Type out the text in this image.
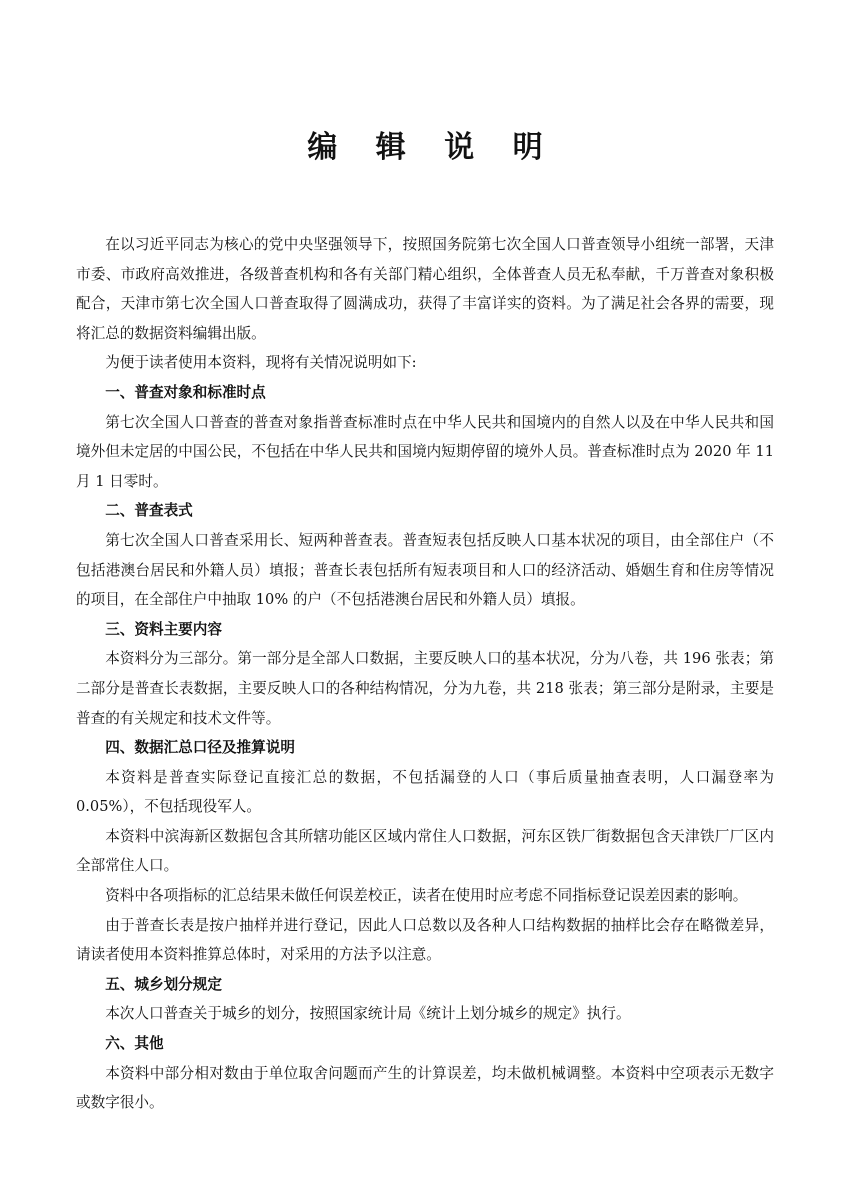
编 辑 说 明

在以习近平同志为核心的党中央坚强领导下，按照国务院第七次全国人口普查领导小组统一部署，天津市委、市政府高效推进，各级普查机构和各有关部门精心组织，全体普查人员无私奉献，千万普查对象积极配合，天津市第七次全国人口普查取得了圆满成功，获得了丰富详实的资料。为了满足社会各界的需要，现将汇总的数据资料编辑出版。

为便于读者使用本资料，现将有关情况说明如下:

一、普查对象和标准时点

第七次全国人口普查的普查对象指普查标准时点在中华人民共和国境内的自然人以及在中华人民共和国境外但未定居的中国公民，不包括在中华人民共和国境内短期停留的境外人员。普查标准时点为 2020 年 11 月 1 日零时。

二、普查表式

第七次全国人口普查采用长、短两种普查表。普查短表包括反映人口基本状况的项目，由全部住户（不包括港澳台居民和外籍人员）填报；普查长表包括所有短表项目和人口的经济活动、婚姻生育和住房等情况的项目，在全部住户中抽取 10% 的户（不包括港澳台居民和外籍人员）填报。

三、资料主要内容

本资料分为三部分。第一部分是全部人口数据，主要反映人口的基本状况，分为八卷，共 196 张表；第二部分是普查长表数据，主要反映人口的各种结构情况，分为九卷，共 218 张表；第三部分是附录，主要是普查的有关规定和技术文件等。

四、数据汇总口径及推算说明

本资料是普查实际登记直接汇总的数据，不包括漏登的人口（事后质量抽查表明，人口漏登率为 0.05%），不包括现役军人。

本资料中滨海新区数据包含其所辖功能区区域内常住人口数据，河东区铁厂街数据包含天津铁厂厂区内全部常住人口。

资料中各项指标的汇总结果未做任何误差校正，读者在使用时应考虑不同指标登记误差因素的影响。

由于普查长表是按户抽样并进行登记，因此人口总数以及各种人口结构数据的抽样比会存在略微差异，请读者使用本资料推算总体时，对采用的方法予以注意。

五、城乡划分规定

本次人口普查关于城乡的划分，按照国家统计局《统计上划分城乡的规定》执行。

六、其他

本资料中部分相对数由于单位取舍问题而产生的计算误差，均未做机械调整。本资料中空项表示无数字或数字很小。
